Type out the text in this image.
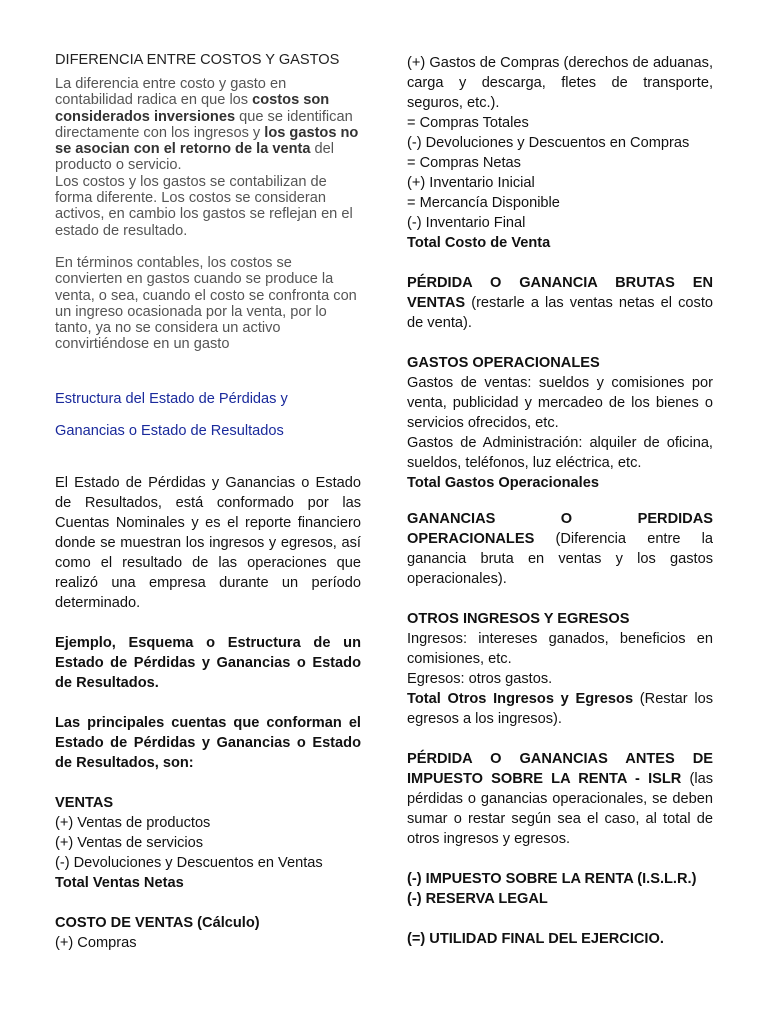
DIFERENCIA ENTRE COSTOS Y GASTOS

La diferencia entre costo y gasto en contabilidad radica en que los costos son considerados inversiones que se identifican directamente con los ingresos y los gastos no se asocian con el retorno de la venta del producto o servicio.
Los costos y los gastos se contabilizan de forma diferente. Los costos se consideran activos, en cambio los gastos se reflejan en el estado de resultado.

En términos contables, los costos se convierten en gastos cuando se produce la venta, o sea, cuando el costo se confronta con un ingreso ocasionada por la venta, por lo tanto, ya no se considera un activo convirtiéndose en un gasto

Estructura del Estado de Pérdidas y

Ganancias o Estado de Resultados

El Estado de Pérdidas y Ganancias o Estado de Resultados, está conformado por las Cuentas Nominales y es el reporte financiero donde se muestran los ingresos y egresos, así como el resultado de las operaciones que realizó una empresa durante un período determinado.

Ejemplo, Esquema o Estructura de un Estado de Pérdidas y Ganancias o Estado de Resultados.

Las principales cuentas que conforman el Estado de Pérdidas y Ganancias o Estado de Resultados, son:

VENTAS
(+) Ventas de productos
(+) Ventas de servicios
(-) Devoluciones y Descuentos en Ventas
Total Ventas Netas
COSTO DE VENTAS (Cálculo)
(+) Compras

(+) Gastos de Compras (derechos de aduanas, carga y descarga, fletes de transporte, seguros, etc.).

= Compras Totales
(-) Devoluciones y Descuentos en Compras
= Compras Netas
(+) Inventario Inicial
= Mercancía Disponible
(-) Inventario Final
Total Costo de Venta

PÉRDIDA O GANANCIA BRUTAS EN VENTAS (restarle a las ventas netas el costo de venta).

GASTOS OPERACIONALES
Gastos de ventas: sueldos y comisiones por venta, publicidad y mercadeo de los bienes o servicios ofrecidos, etc.
Gastos de Administración: alquiler de oficina, sueldos, teléfonos, luz eléctrica, etc.
Total Gastos Operacionales

GANANCIAS O PERDIDAS OPERACIONALES (Diferencia entre la ganancia bruta en ventas y los gastos operacionales).

OTROS INGRESOS Y EGRESOS
Ingresos: intereses ganados, beneficios en comisiones, etc.
Egresos: otros gastos.
Total Otros Ingresos y Egresos (Restar los egresos a los ingresos).

PÉRDIDA O GANANCIAS ANTES DE IMPUESTO SOBRE LA RENTA - ISLR (las pérdidas o ganancias operacionales, se deben sumar o restar según sea el caso, al total de otros ingresos y egresos.

(-) IMPUESTO SOBRE LA RENTA (I.S.L.R.)
(-) RESERVA LEGAL
(=) UTILIDAD FINAL DEL EJERCICIO.
